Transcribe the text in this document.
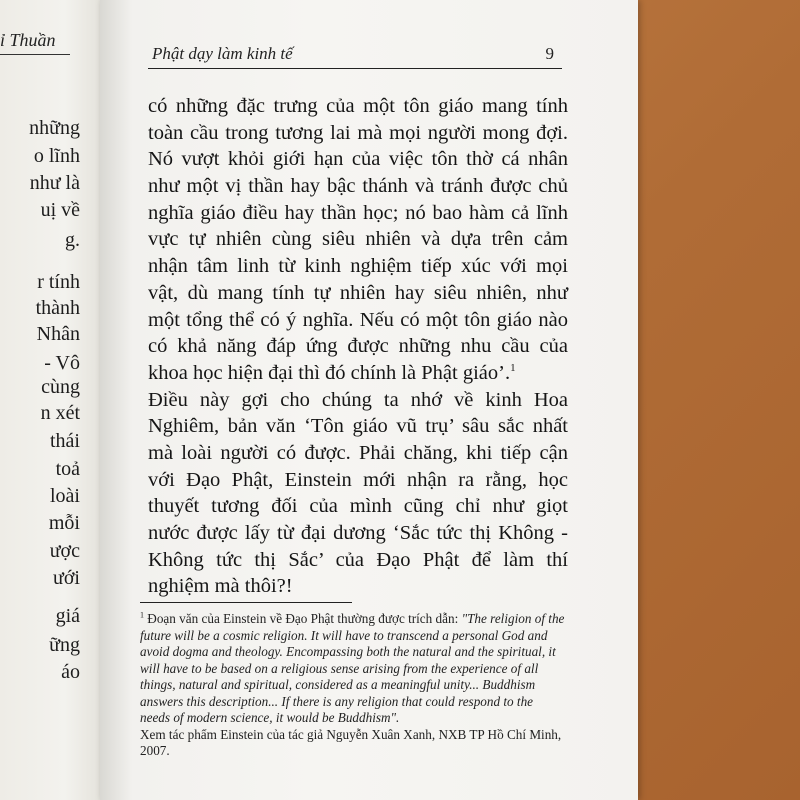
ỉ Thuần
những
o lĩnh
như là
uị về
g.
r tính
thành
Nhân
- Vô
cùng
n xét
thái
toả
loài
mỗi
ược
ưới
giá
ững
áo
Phật dạy làm kinh tế	9
có những đặc trưng của một tôn giáo mang tính
toàn cầu trong tương lai mà mọi người mong đợi.
Nó vượt khỏi giới hạn của việc tôn thờ cá nhân
như một vị thần hay bậc thánh và tránh được chủ
nghĩa giáo điều hay thần học; nó bao hàm cả lĩnh
vực tự nhiên cùng siêu nhiên và dựa trên cảm
nhận tâm linh từ kinh nghiệm tiếp xúc với mọi
vật, dù mang tính tự nhiên hay siêu nhiên, như
một tổng thể có ý nghĩa. Nếu có một tôn giáo nào
có khả năng đáp ứng được những nhu cầu của
khoa học hiện đại thì đó chính là Phật giáo’.$^1$
Điều này gợi cho chúng ta nhớ về kinh Hoa
Nghiêm, bản văn ‘Tôn giáo vũ trụ’ sâu sắc nhất
mà loài người có được. Phải chăng, khi tiếp cận
với Đạo Phật, Einstein mới nhận ra rằng, học
thuyết tương đối của mình cũng chỉ như giọt
nước được lấy từ đại dương ‘Sắc tức thị Không -
Không tức thị Sắc’ của Đạo Phật để làm thí
nghiệm mà thôi?!
$^1$ Đoạn văn của Einstein về Đạo Phật thường được trích dẫn: "The religion of the
future will be a cosmic religion. It will have to transcend a personal God and
avoid dogma and theology. Encompassing both the natural and the spiritual, it
will have to be based on a religious sense arising from the experience of all
things, natural and spiritual, considered as a meaningful unity... Buddhism
answers this description... If there is any religion that could respond to the
needs of modern science, it would be Buddhism".
Xem tác phẩm Einstein của tác giả Nguyễn Xuân Xanh, NXB TP Hồ Chí Minh,
2007.
